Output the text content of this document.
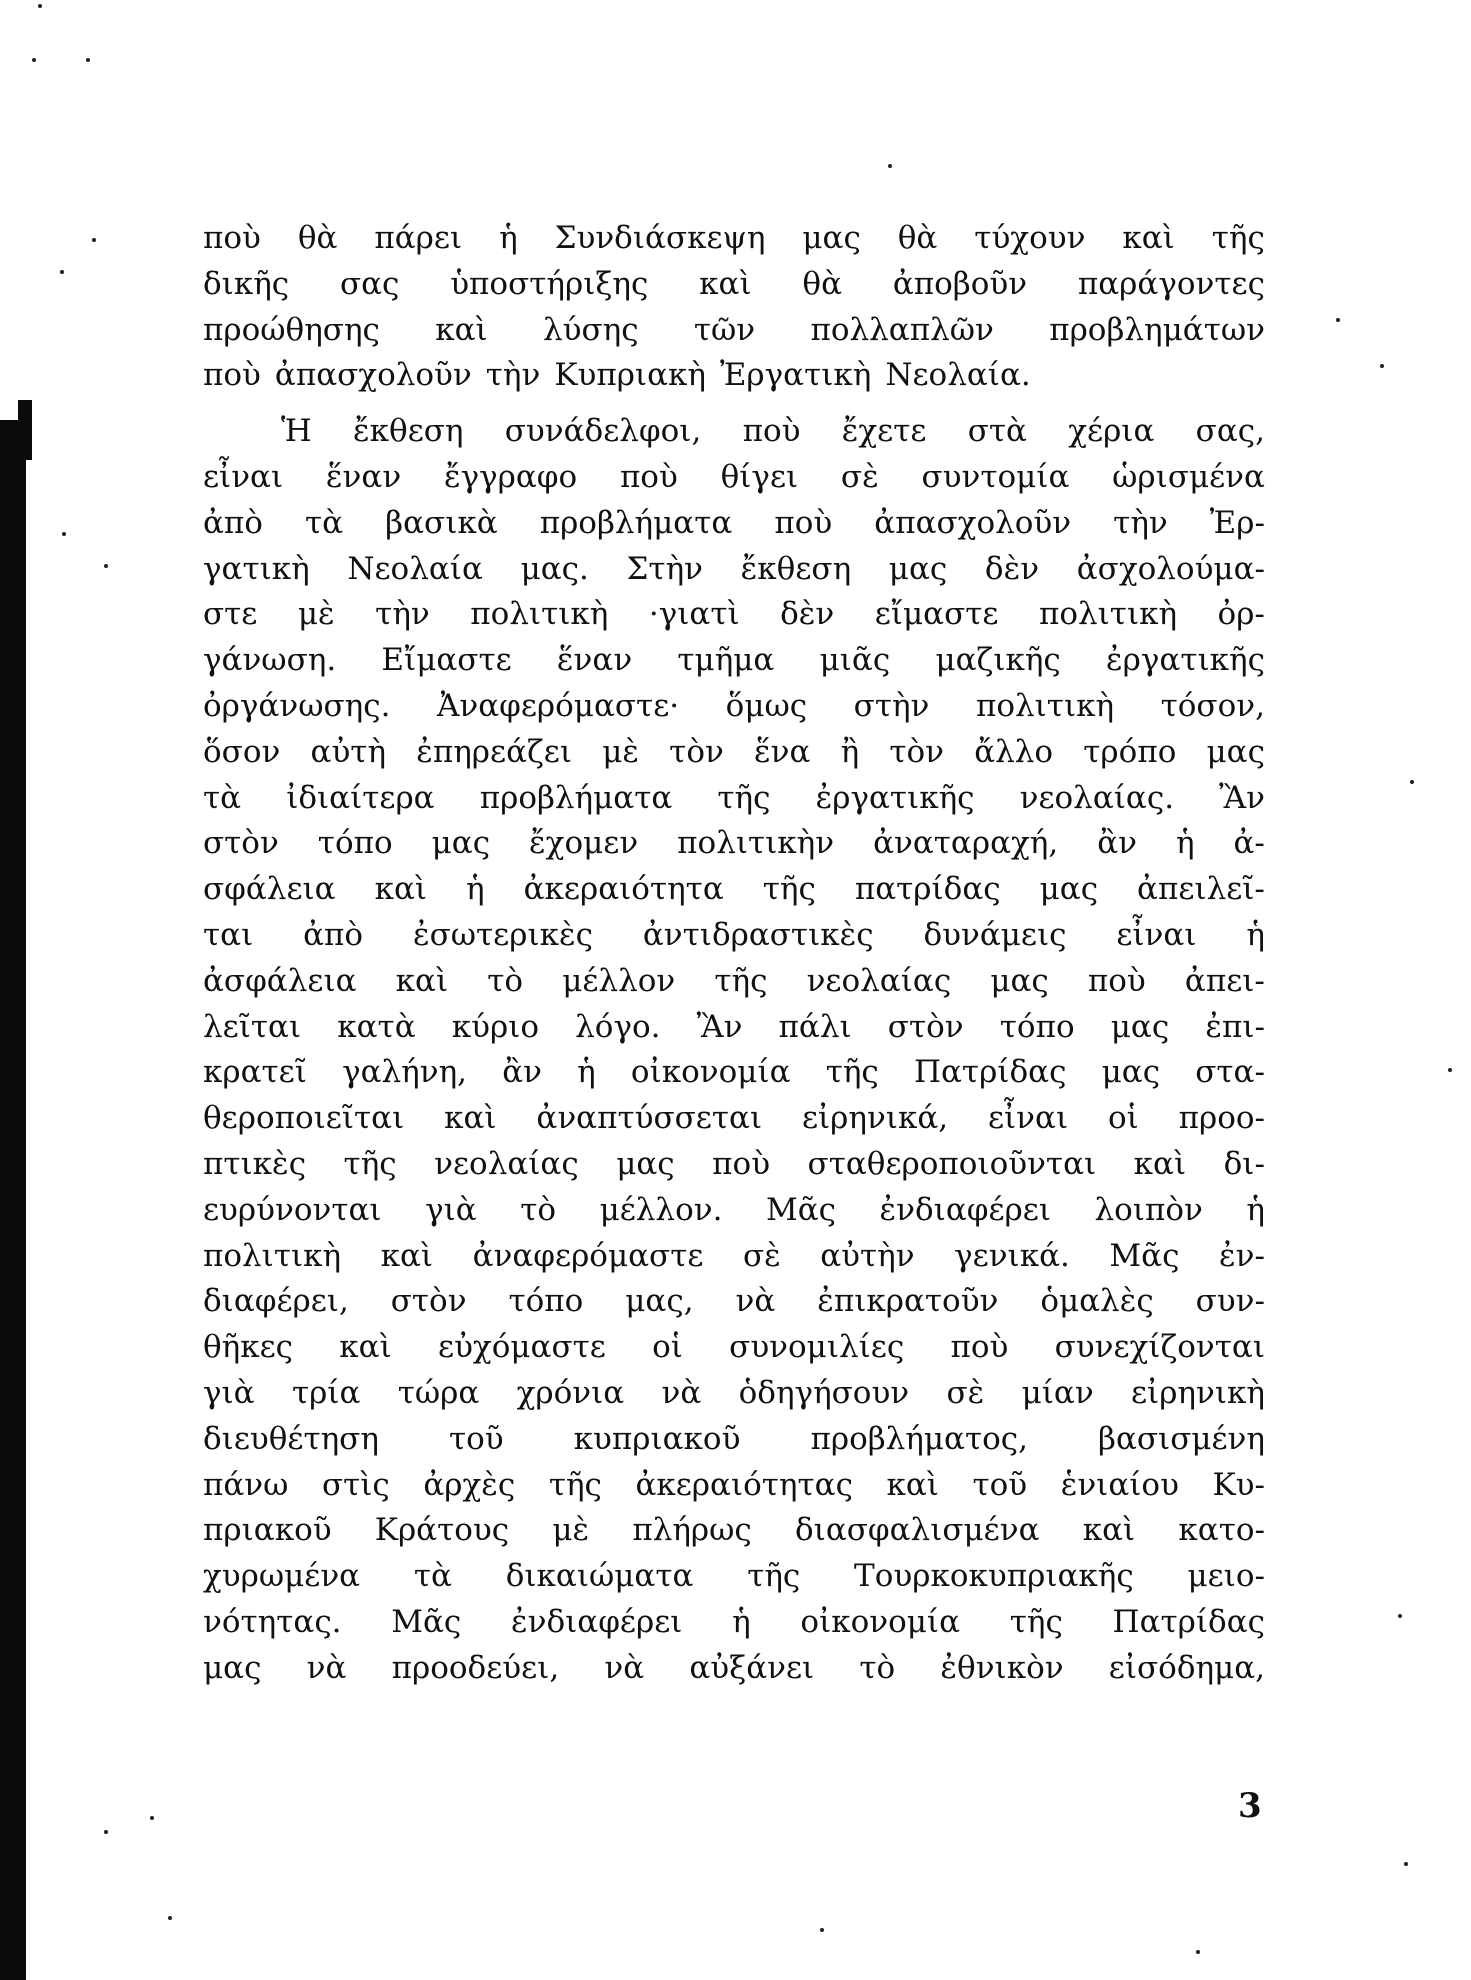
ποὺ θὰ πάρει ἡ Συνδιάσκεψη μας θὰ τύχουν καὶ τῆς
δικῆς σας ὑποστήριξης καὶ θὰ ἀποβοῦν παράγοντες
προώθησης καὶ λύσης τῶν πολλαπλῶν προβλημάτων
ποὺ ἀπασχολοῦν τὴν Κυπριακὴ Ἐργατικὴ Νεολαία.
Ἡ ἔκθεση συνάδελφοι, ποὺ ἔχετε στὰ χέρια σας,
εἶναι ἕναν ἔγγραφο ποὺ θίγει σὲ συντομία ὡρισμένα
ἀπὸ τὰ βασικὰ προβλήματα ποὺ ἀπασχολοῦν τὴν Ἐρ-
γατικὴ Νεολαία μας. Στὴν ἔκθεση μας δὲν ἀσχολούμα-
στε μὲ τὴν πολιτικὴ ·γιατὶ δὲν εἴμαστε πολιτικὴ ὀρ-
γάνωση. Εἴμαστε ἕναν τμῆμα μιᾶς μαζικῆς ἐργατικῆς
ὀργάνωσης. Ἀναφερόμαστε· ὅμως στὴν πολιτικὴ τόσον,
ὅσον αὐτὴ ἐπηρεάζει μὲ τὸν ἕνα ἢ τὸν ἄλλο τρόπο μας
τὰ ἰδιαίτερα προβλήματα τῆς ἐργατικῆς νεολαίας. Ἂν
στὸν τόπο μας ἔχομεν πολιτικὴν ἀναταραχή, ἂν ἡ ἀ-
σφάλεια καὶ ἡ ἀκεραιότητα τῆς πατρίδας μας ἀπειλεῖ-
ται ἀπὸ ἐσωτερικὲς ἀντιδραστικὲς δυνάμεις εἶναι ἡ
ἀσφάλεια καὶ τὸ μέλλον τῆς νεολαίας μας ποὺ ἀπει-
λεῖται κατὰ κύριο λόγο. Ἂν πάλι στὸν τόπο μας ἐπι-
κρατεῖ γαλήνη, ἂν ἡ οἰκονομία τῆς Πατρίδας μας στα-
θεροποιεῖται καὶ ἀναπτύσσεται εἰρηνικά, εἶναι οἱ προο-
πτικὲς τῆς νεολαίας μας ποὺ σταθεροποιοῦνται καὶ δι-
ευρύνονται γιὰ τὸ μέλλον. Μᾶς ἐνδιαφέρει λοιπὸν ἡ
πολιτικὴ καὶ ἀναφερόμαστε σὲ αὐτὴν γενικά. Μᾶς ἐν-
διαφέρει, στὸν τόπο μας, νὰ ἐπικρατοῦν ὁμαλὲς συν-
θῆκες καὶ εὐχόμαστε οἱ συνομιλίες ποὺ συνεχίζονται
γιὰ τρία τώρα χρόνια νὰ ὁδηγήσουν σὲ μίαν εἰρηνικὴ
διευθέτηση τοῦ κυπριακοῦ προβλήματος, βασισμένη
πάνω στὶς ἀρχὲς τῆς ἀκεραιότητας καὶ τοῦ ἑνιαίου Κυ-
πριακοῦ Κράτους μὲ πλήρως διασφαλισμένα καὶ κατο-
χυρωμένα τὰ δικαιώματα τῆς Τουρκοκυπριακῆς μειο-
νότητας. Μᾶς ἐνδιαφέρει ἡ οἰκονομία τῆς Πατρίδας
μας νὰ προοδεύει, νὰ αὐξάνει τὸ ἐθνικὸν εἰσόδημα,
3
